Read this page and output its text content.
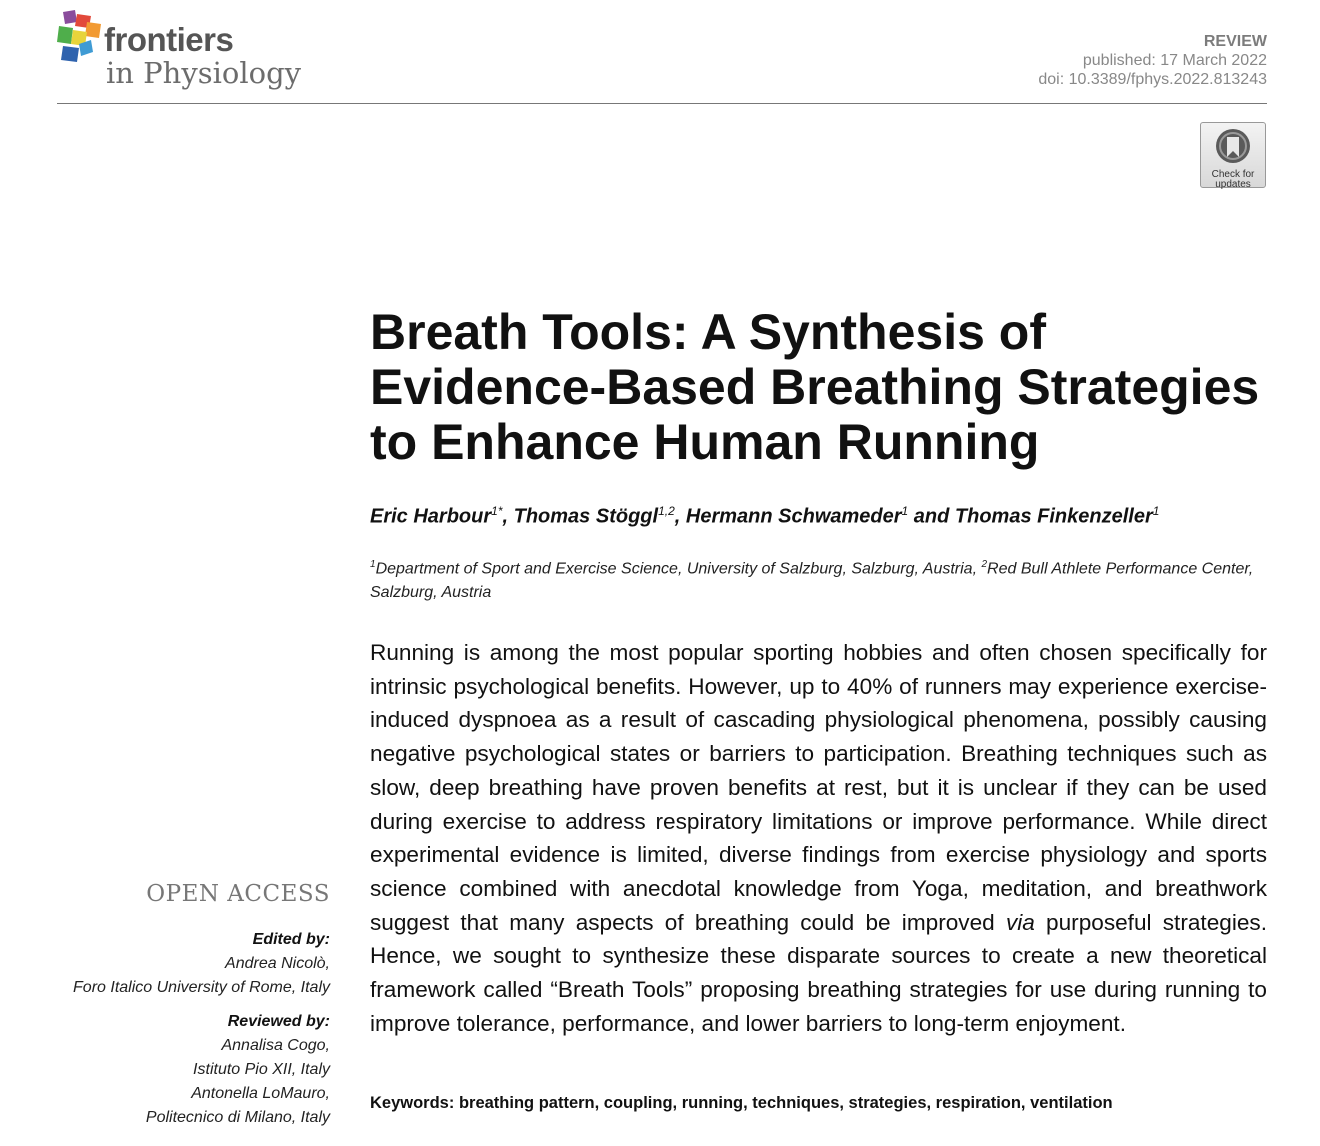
frontiers
in Physiology
REVIEW
published: 17 March 2022
doi: 10.3389/fphys.2022.813243
Check for updates
Breath Tools: A Synthesis of Evidence-Based Breathing Strategies to Enhance Human Running

Eric Harbour$^{1*}$, Thomas Stöggl$^{1,2}$, Hermann Schwameder$^1$ and Thomas Finkenzeller$^1$

$^1$Department of Sport and Exercise Science, University of Salzburg, Salzburg, Austria, $^2$Red Bull Athlete Performance Center, Salzburg, Austria

Running is among the most popular sporting hobbies and often chosen specifically for intrinsic psychological benefits. However, up to 40% of runners may experience exercise-induced dyspnoea as a result of cascading physiological phenomena, possibly causing negative psychological states or barriers to participation. Breathing techniques such as slow, deep breathing have proven benefits at rest, but it is unclear if they can be used during exercise to address respiratory limitations or improve performance. While direct experimental evidence is limited, diverse findings from exercise physiology and sports science combined with anecdotal knowledge from Yoga, meditation, and breathwork suggest that many aspects of breathing could be improved via purposeful strategies. Hence, we sought to synthesize these disparate sources to create a new theoretical framework called “Breath Tools” proposing breathing strategies for use during running to improve tolerance, performance, and lower barriers to long-term enjoyment.

Keywords: breathing pattern, coupling, running, techniques, strategies, respiration, ventilation

OPEN ACCESS

Edited by:

Andrea Nicolò,

Foro Italico University of Rome, Italy

Reviewed by:

Annalisa Cogo,

Istituto Pio XII, Italy

Antonella LoMauro,

Politecnico di Milano, Italy
